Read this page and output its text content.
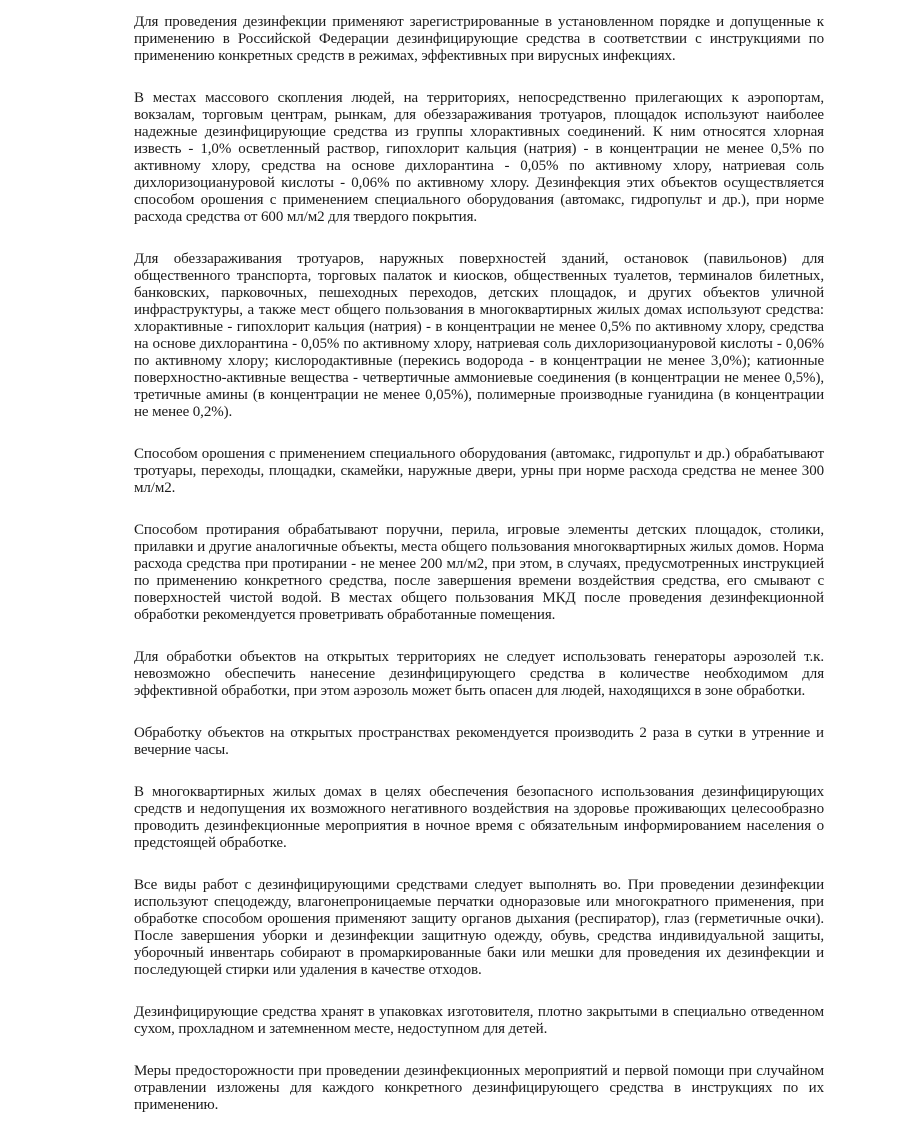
Для проведения дезинфекции применяют зарегистрированные в установленном порядке и допущенные к применению в Российской Федерации дезинфицирующие средства в соответствии с инструкциями по применению конкретных средств в режимах, эффективных при вирусных инфекциях.

В местах массового скопления людей, на территориях, непосредственно прилегающих к аэропортам, вокзалам, торговым центрам, рынкам, для обеззараживания тротуаров, площадок используют наиболее надежные дезинфицирующие средства из группы хлорактивных соединений. К ним относятся хлорная известь - 1,0% осветленный раствор, гипохлорит кальция (натрия) - в концентрации не менее 0,5% по активному хлору, средства на основе дихлорантина - 0,05% по активному хлору, натриевая соль дихлоризоциануровой кислоты - 0,06% по активному хлору. Дезинфекция этих объектов осуществляется способом орошения с применением специального оборудования (автомакс, гидропульт и др.), при норме расхода средства от 600 мл/м2 для твердого покрытия.

Для обеззараживания тротуаров, наружных поверхностей зданий, остановок (павильонов) для общественного транспорта, торговых палаток и киосков, общественных туалетов, терминалов билетных, банковских, парковочных, пешеходных переходов, детских площадок, и других объектов уличной инфраструктуры, а также мест общего пользования в многоквартирных жилых домах используют средства: хлорактивные - гипохлорит кальция (натрия) - в концентрации не менее 0,5% по активному хлору, средства на основе дихлорантина - 0,05% по активному хлору, натриевая соль дихлоризоциануровой кислоты - 0,06% по активному хлору; кислородактивные (перекись водорода - в концентрации не менее 3,0%); катионные поверхностно-активные вещества - четвертичные аммониевые соединения (в концентрации не менее 0,5%), третичные амины (в концентрации не менее 0,05%), полимерные производные гуанидина (в концентрации не менее 0,2%).

Способом орошения с применением специального оборудования (автомакс, гидропульт и др.) обрабатывают тротуары, переходы, площадки, скамейки, наружные двери, урны при норме расхода средства не менее 300 мл/м2.

Способом протирания обрабатывают поручни, перила, игровые элементы детских площадок, столики, прилавки и другие аналогичные объекты, места общего пользования многоквартирных жилых домов. Норма расхода средства при протирании - не менее 200 мл/м2, при этом, в случаях, предусмотренных инструкцией по применению конкретного средства, после завершения времени воздействия средства, его смывают с поверхностей чистой водой. В местах общего пользования МКД после проведения дезинфекционной обработки рекомендуется проветривать обработанные помещения.

Для обработки объектов на открытых территориях не следует использовать генераторы аэрозолей т.к. невозможно обеспечить нанесение дезинфицирующего средства в количестве необходимом для эффективной обработки, при этом аэрозоль может быть опасен для людей, находящихся в зоне обработки.

Обработку объектов на открытых пространствах рекомендуется производить 2 раза в сутки в утренние и вечерние часы.

В многоквартирных жилых домах в целях обеспечения безопасного использования дезинфицирующих средств и недопущения их возможного негативного воздействия на здоровье проживающих целесообразно проводить дезинфекционные мероприятия в ночное время с обязательным информированием населения о предстоящей обработке.

Все виды работ с дезинфицирующими средствами следует выполнять во. При проведении дезинфекции используют спецодежду, влагонепроницаемые перчатки одноразовые или многократного применения, при обработке способом орошения применяют защиту органов дыхания (респиратор), глаз (герметичные очки). После завершения уборки и дезинфекции защитную одежду, обувь, средства индивидуальной защиты, уборочный инвентарь собирают в промаркированные баки или мешки для проведения их дезинфекции и последующей стирки или удаления в качестве отходов.

Дезинфицирующие средства хранят в упаковках изготовителя, плотно закрытыми в специально отведенном сухом, прохладном и затемненном месте, недоступном для детей.

Меры предосторожности при проведении дезинфекционных мероприятий и первой помощи при случайном отравлении изложены для каждого конкретного дезинфицирующего средства в инструкциях по их применению.
